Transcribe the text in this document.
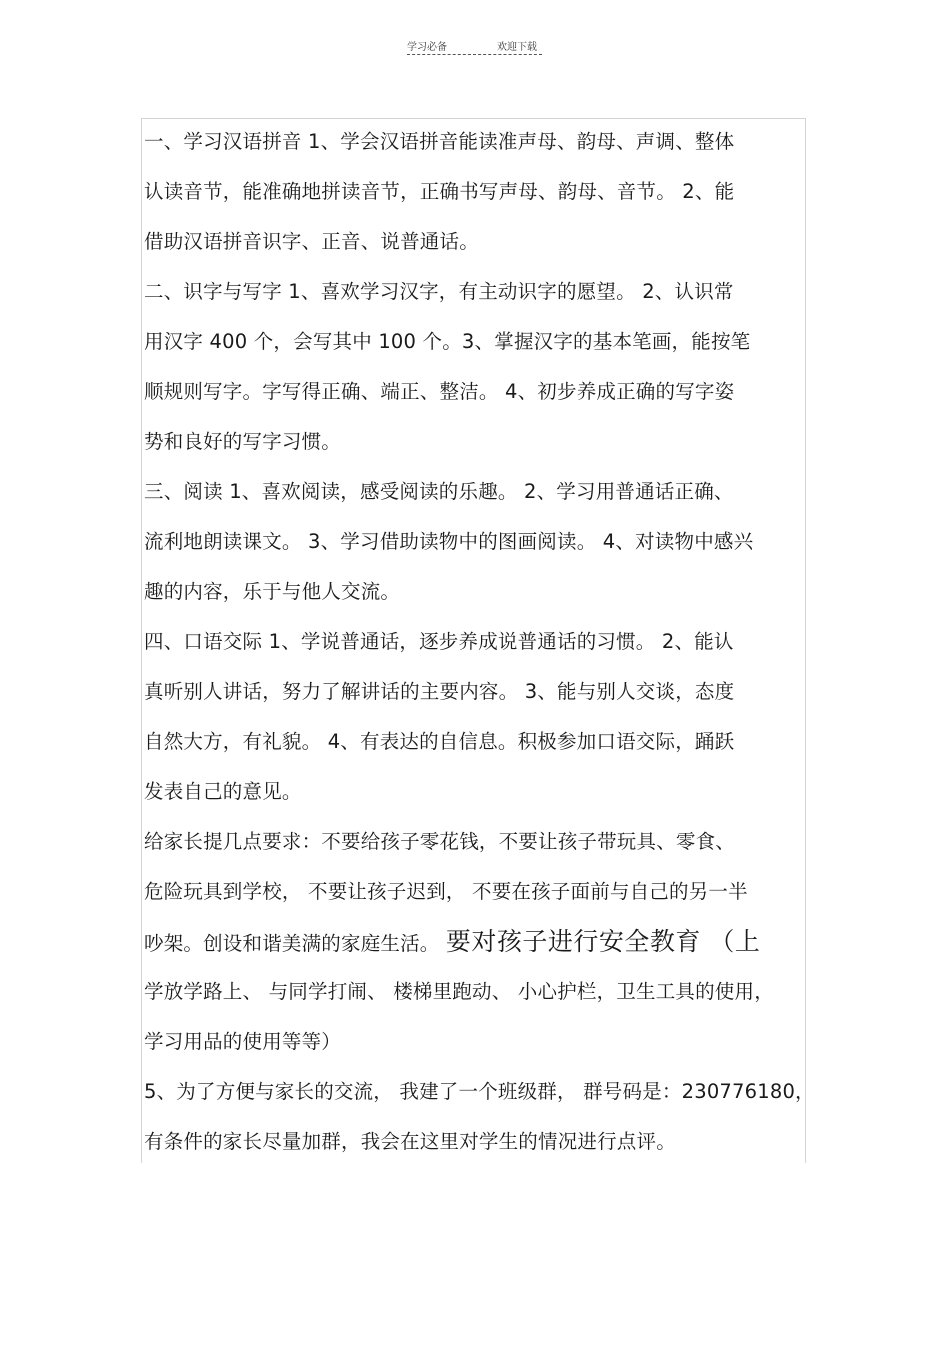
学习必备	欢迎下载
一、学习汉语拼音 1、学会汉语拼音能读准声母、韵母、声调、整体
认读音节，能准确地拼读音节，正确书写声母、韵母、音节。 2、能
借助汉语拼音识字、正音、说普通话。
二、识字与写字 1、喜欢学习汉字，有主动识字的愿望。 2、认识常
用汉字 400 个，会写其中 100 个。3、掌握汉字的基本笔画，能按笔
顺规则写字。字写得正确、端正、整洁。 4、初步养成正确的写字姿
势和良好的写字习惯。
三、阅读 1、喜欢阅读，感受阅读的乐趣。 2、学习用普通话正确、
流利地朗读课文。 3、学习借助读物中的图画阅读。 4、对读物中感兴
趣的内容，乐于与他人交流。
四、口语交际 1、学说普通话，逐步养成说普通话的习惯。 2、能认
真听别人讲话，努力了解讲话的主要内容。 3、能与别人交谈，态度
自然大方，有礼貌。 4、有表达的自信息。积极参加口语交际，踊跃
发表自己的意见。
给家长提几点要求：不要给孩子零花钱，不要让孩子带玩具、零食、
危险玩具到学校， 不要让孩子迟到， 不要在孩子面前与自己的另一半
吵架。创设和谐美满的家庭生活。 要对孩子进行安全教育 （上
学放学路上、 与同学打闹、 楼梯里跑动、 小心护栏，卫生工具的使用，
学习用品的使用等等）
5、为了方便与家长的交流， 我建了一个班级群， 群号码是：230776180，
有条件的家长尽量加群，我会在这里对学生的情况进行点评。
